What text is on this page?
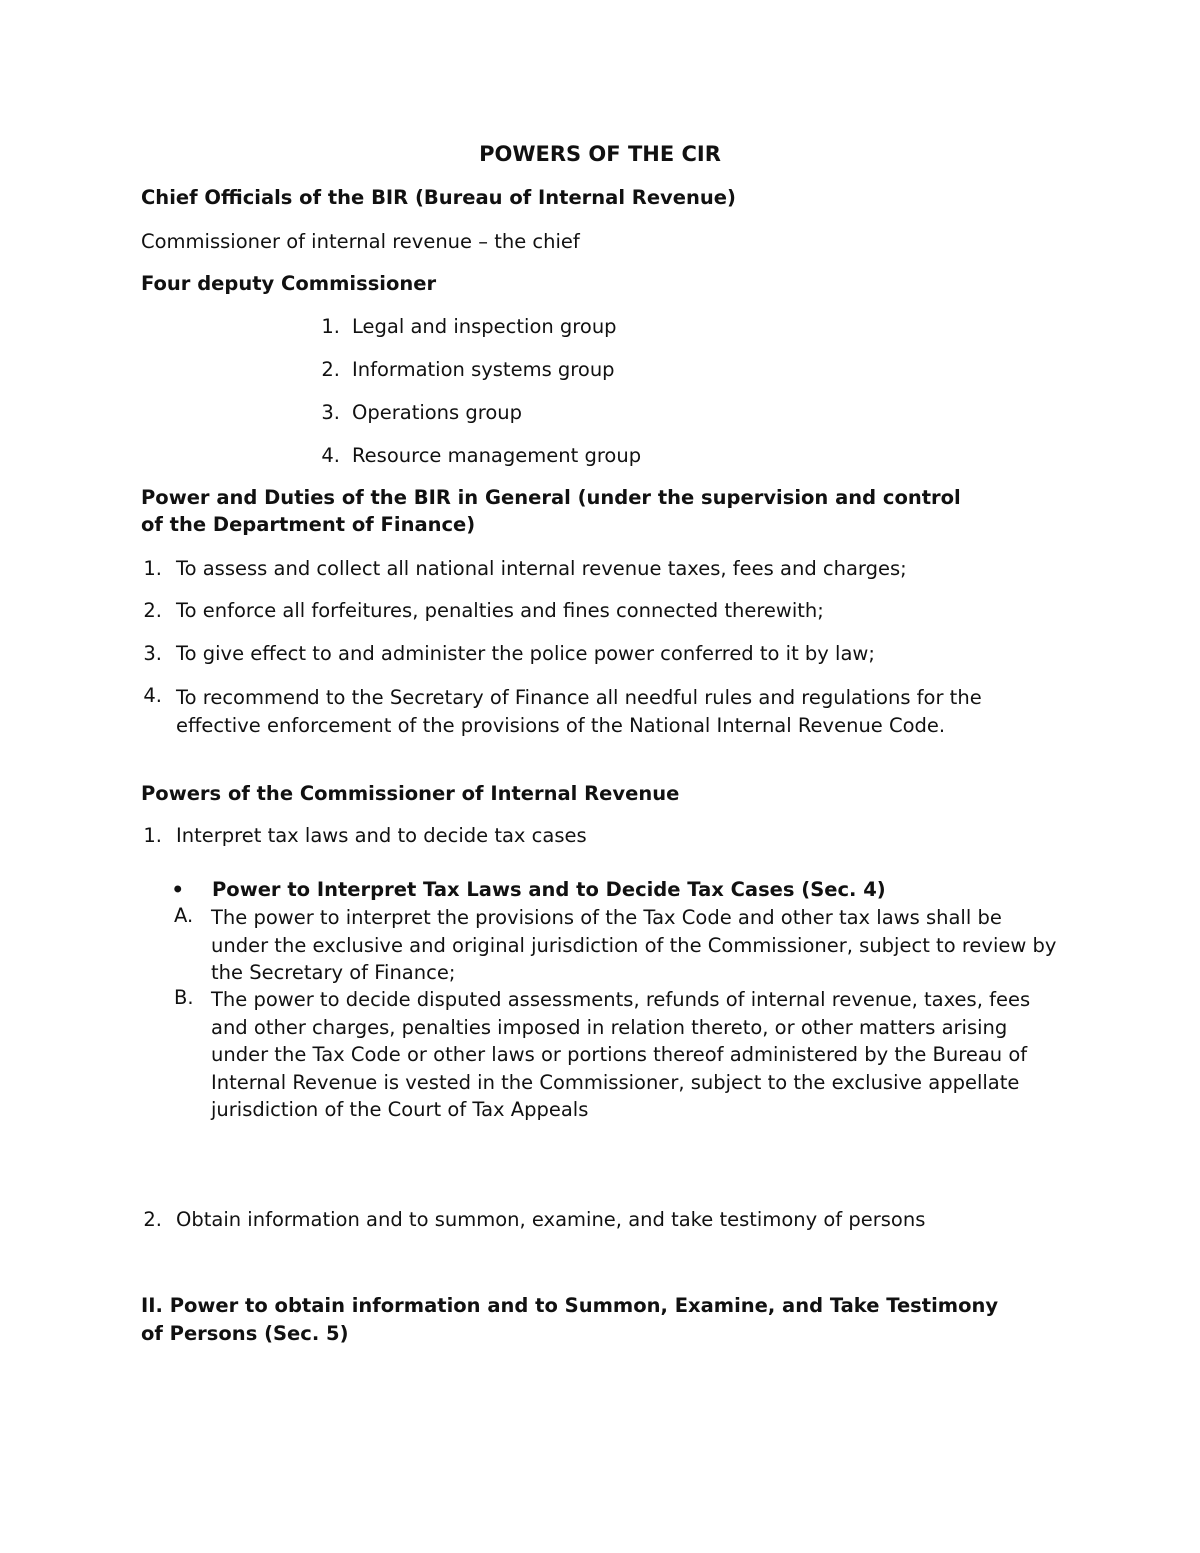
POWERS OF THE CIR

Chief Officials of the BIR (Bureau of Internal Revenue)

Commissioner of internal revenue – the chief

Four deputy Commissioner

1. Legal and inspection group
2. Information systems group
3. Operations group
4. Resource management group

Power and Duties of the BIR in General (under the supervision and control

of the Department of Finance)

1. To assess and collect all national internal revenue taxes, fees and charges;
2. To enforce all forfeitures, penalties and fines connected therewith;
3. To give effect to and administer the police power conferred to it by law;
4. To recommend to the Secretary of Finance all needful rules and regulations for the effective enforcement of the provisions of the National Internal Revenue Code.

Powers of the Commissioner of Internal Revenue

1. Interpret tax laws and to decide tax cases
• Power to Interpret Tax Laws and to Decide Tax Cases (Sec. 4)
A. The power to interpret the provisions of the Tax Code and other tax laws shall be under the exclusive and original jurisdiction of the Commissioner, subject to review by the Secretary of Finance;
B. The power to decide disputed assessments, refunds of internal revenue, taxes, fees and other charges, penalties imposed in relation thereto, or other matters arising under the Tax Code or other laws or portions thereof administered by the Bureau of Internal Revenue is vested in the Commissioner, subject to the exclusive appellate jurisdiction of the Court of Tax Appeals
2. Obtain information and to summon, examine, and take testimony of persons

II. Power to obtain information and to Summon, Examine, and Take Testimony of Persons (Sec. 5)
